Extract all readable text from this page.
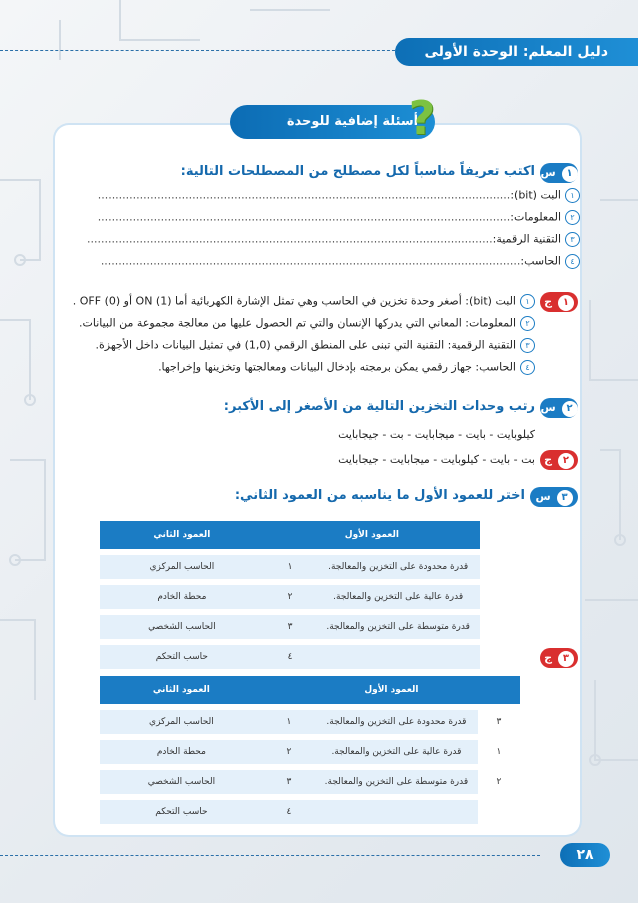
دليل المعلم: الوحدة الأولى
أسئلة إضافية للوحدة وإجاباتها
?
س ١
اكتب تعريفاً مناسباً لكل مصطلح من المصطلحات التالية:
١البت (bit):......................................................................................................................
٢المعلومات:......................................................................................................................
٣التقنية الرقمية:....................................................................................................................
٤الحاسب:........................................................................................................................
ج ١
١البت (bit): أصغر وحدة تخزين في الحاسب وهي تمثل الإشارة الكهربائية أما (1) ON أو (0) OFF .
٢المعلومات: المعاني التي يدركها الإنسان والتي تم الحصول عليها من معالجة مجموعة من البيانات.
٣التقنية الرقمية: التقنية التي تبنى على المنطق الرقمي (1,0) في تمثيل البيانات داخل الأجهزة.
٤الحاسب: جهاز رقمي يمكن برمجته بإدخال البيانات ومعالجتها وتخزينها وإخراجها.
س ٢
رتب وحدات التخزين التالية من الأصغر إلى الأكبر:
كيلوبايت - بايت - ميجابايت - بت - جيجابايت
ج ٢
بت - بايت - كيلوبايت - ميجابايت - جيجابايت
س ٣
اختر للعمود الأول ما يناسبه من العمود الثاني:
العمود الأول		العمود الثاني
قدرة محدودة على التخزين والمعالجة.	١	الحاسب المركزي
قدرة عالية على التخزين والمعالجة.	٢	محطة الخادم
قدرة متوسطة على التخزين والمعالجة.	٣	الحاسب الشخصي
	٤	حاسب التحكم	ج ٣
العمود الأول			العمود الثاني
٣	قدرة محدودة على التخزين والمعالجة.	١	الحاسب المركزي
١	قدرة عالية على التخزين والمعالجة.	٢	محطة الخادم
٢	قدرة متوسطة على التخزين والمعالجة.	٣	الحاسب الشخصي
		٤	حاسب التحكم
٢٨
